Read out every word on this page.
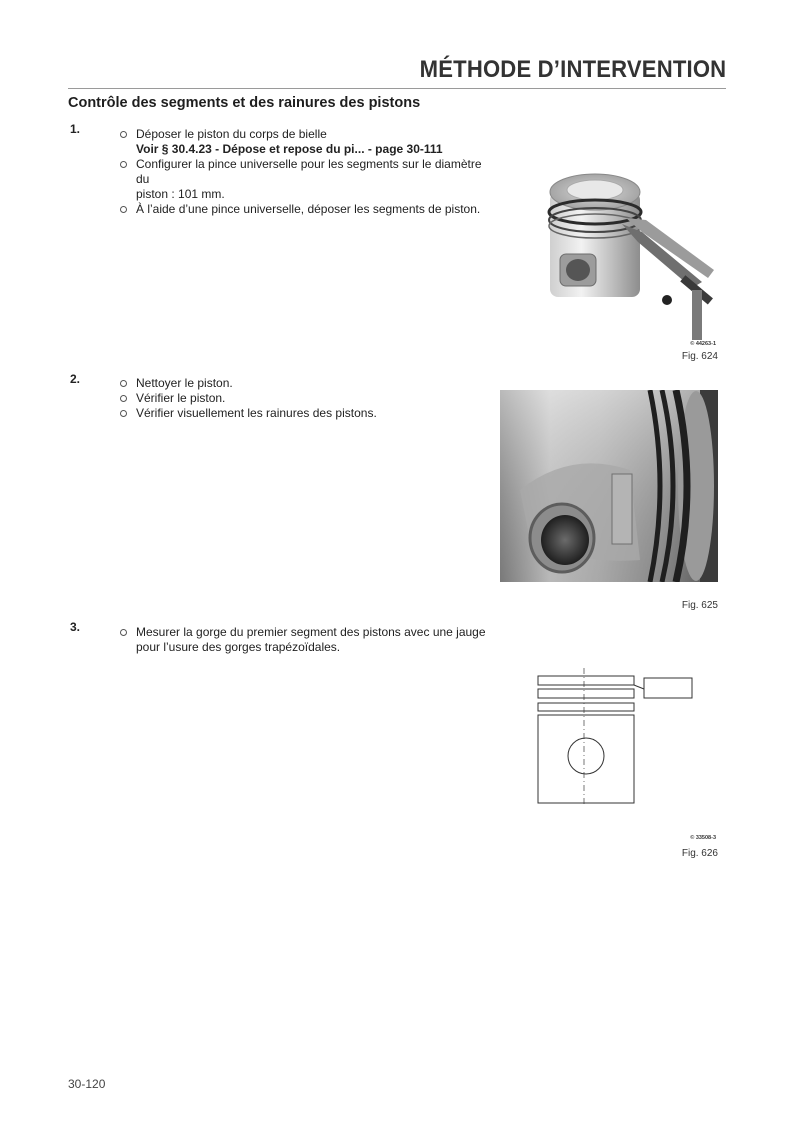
MÉTHODE D’INTERVENTION
Contrôle des segments et des rainures des pistons
1.	Déposer le piston du corps de bielle
Voir § 30.4.23 - Dépose et repose du pi... - page 30-111
Configurer la pince universelle pour les segments sur le diamètre du
piston : 101 mm.
À l’aide d’une pince universelle, déposer les segments de piston.
© 44263-1
Fig. 624
2.	Nettoyer le piston.
Vérifier le piston.
Vérifier visuellement les rainures des pistons.
Fig. 625
3.	Mesurer la gorge du premier segment des pistons avec une jauge
pour l’usure des gorges trapézoïdales.
© 33508-3
Fig. 626
30-120
